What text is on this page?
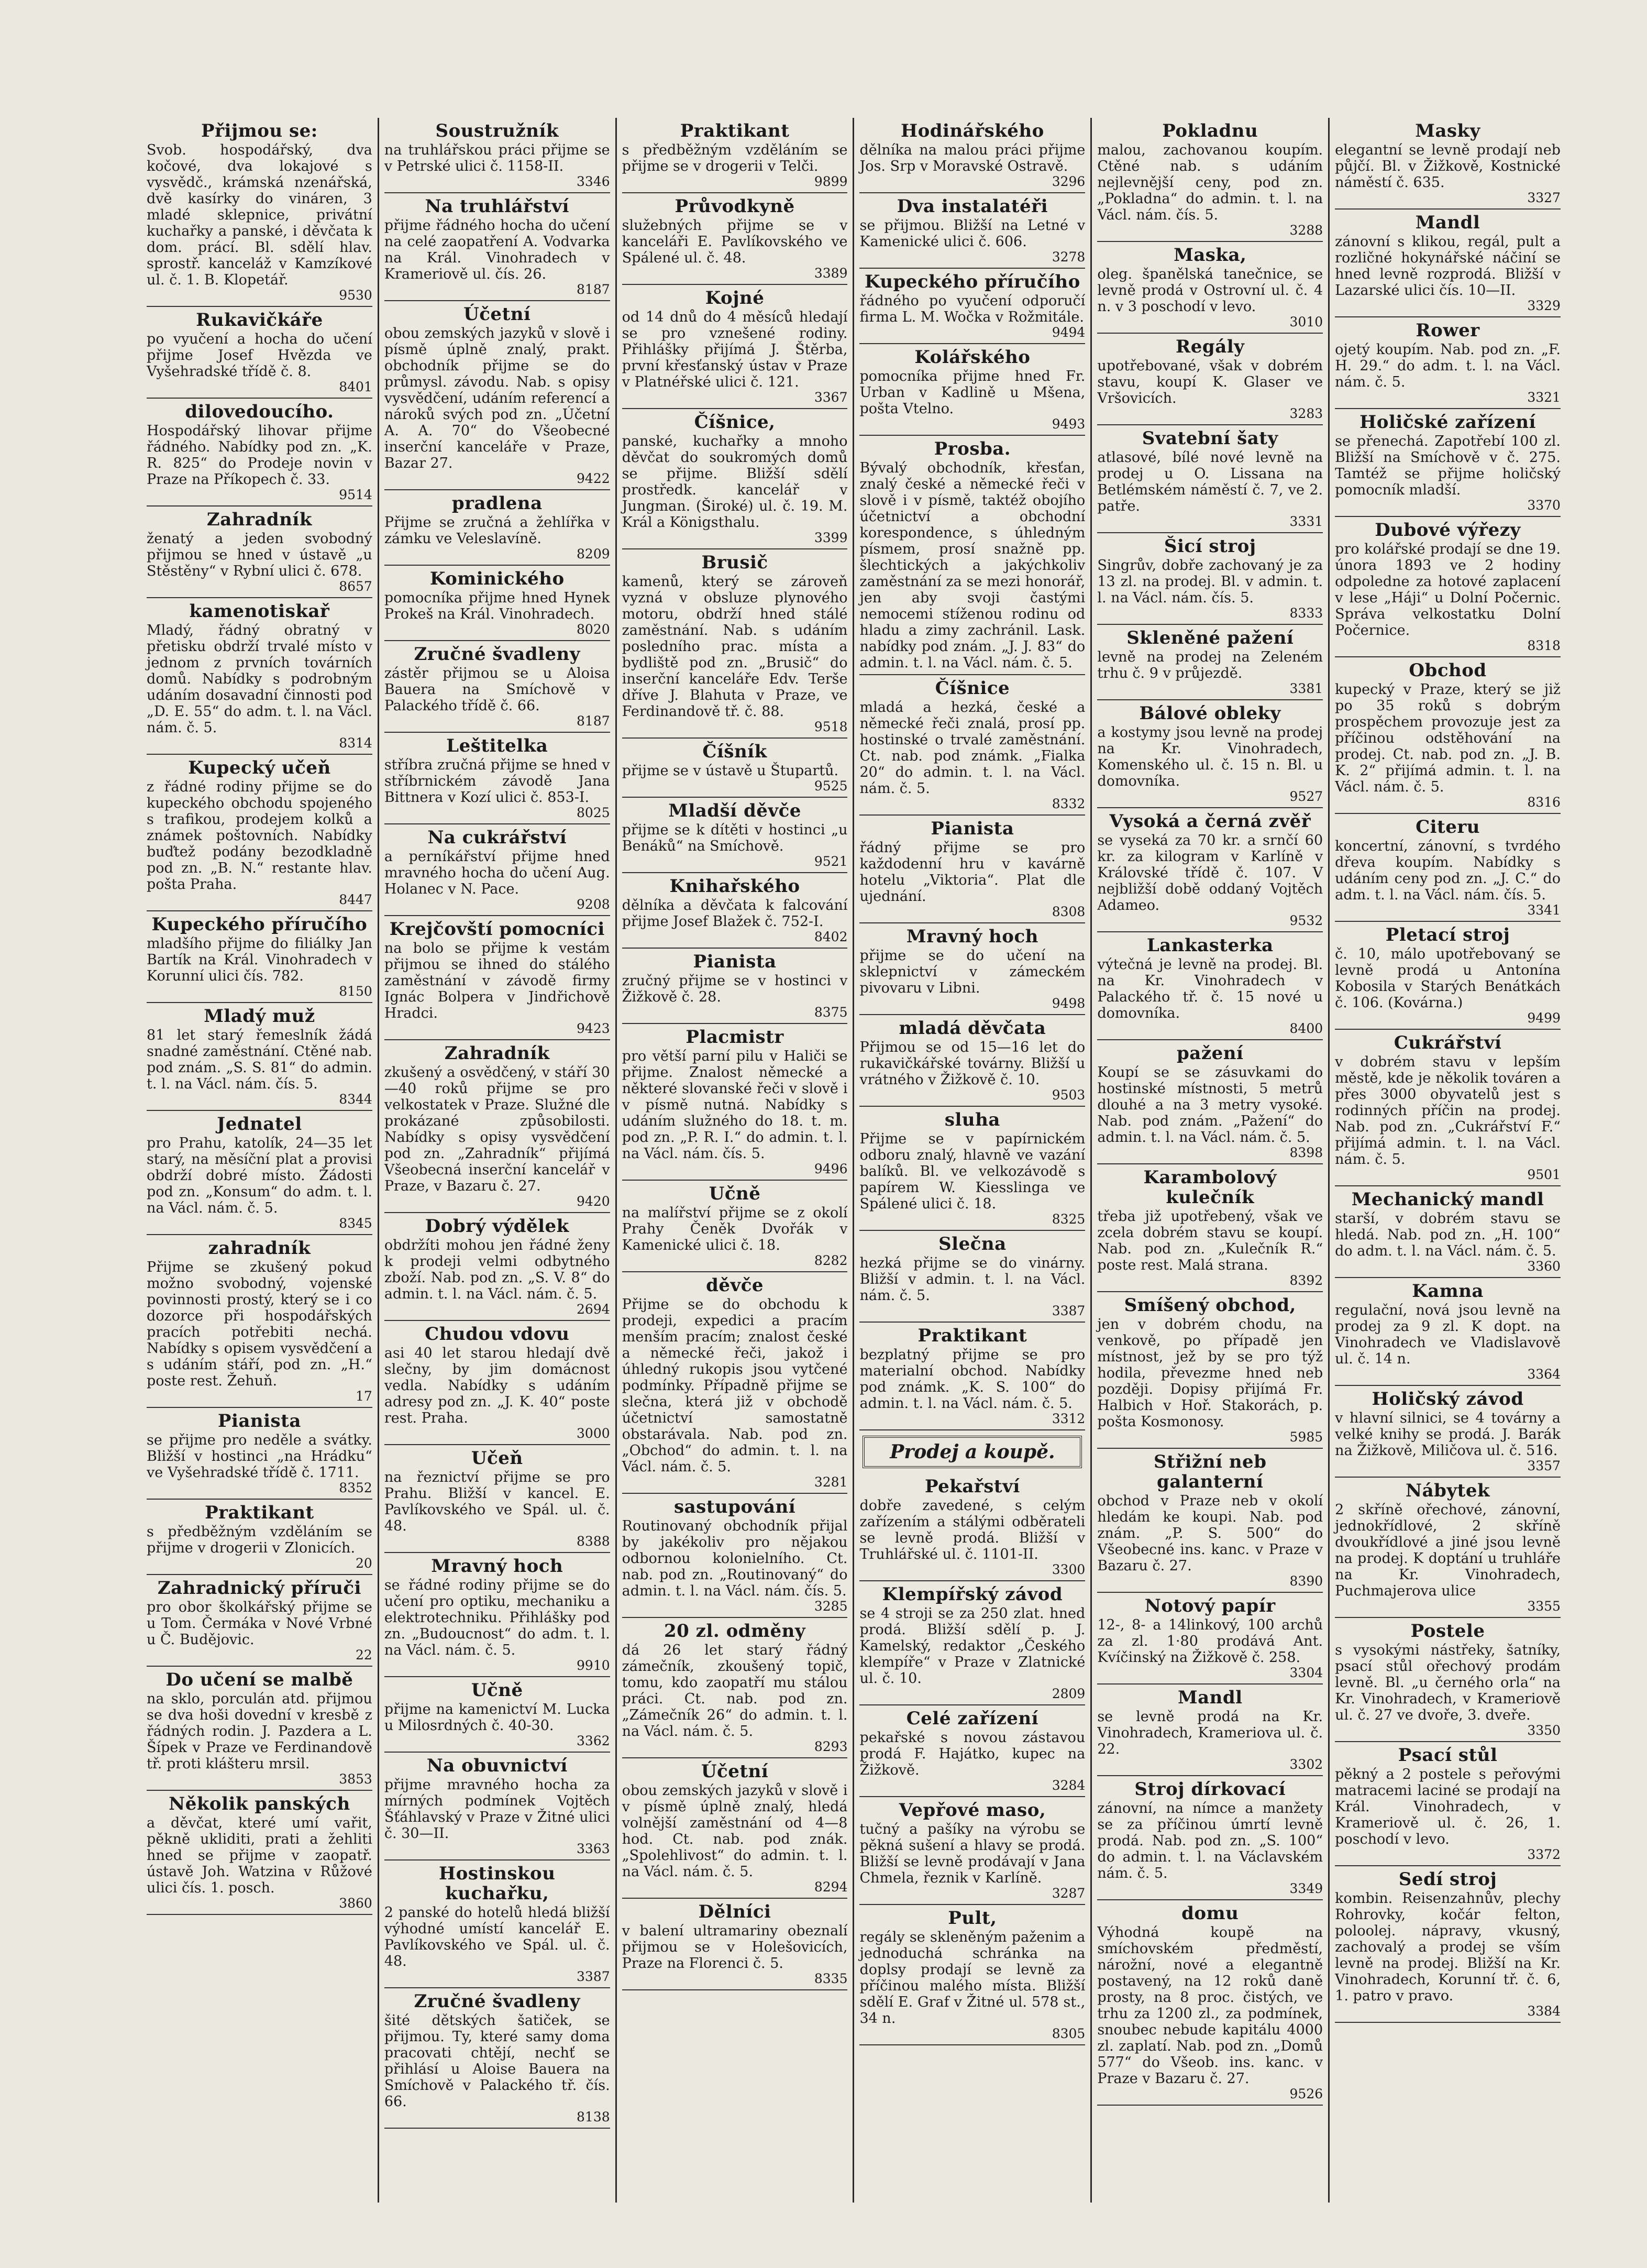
Přijmou se:

Svob. hospodářský, dva kočové, dva lokajové s vysvědč., krámská nzenářská, dvě kasírky do vináren, 3 mladé sklepnice, privátní kuchařky a panské, i děvčata k dom. prácí. Bl. sdělí hlav. sprostř. kanceláž v Kamzíkové ul. č. 1. B. Klopetář.

9530
Rukavičkáře

po vyučení a hocha do učení přijme Josef Hvězda ve Vyšehradské třídě č. 8.

8401
dilovedoucího.

Hospodářský lihovar přijme řádného. Nabídky pod zn. „K. R. 825“ do Prodeje novin v Praze na Příkopech č. 33.

9514
Zahradník

ženatý a jeden svobodný přijmou se hned v ústavě „u Stěstěny“ v Rybní ulici č. 678.

8657
kamenotiskař

Mladý, řádný obratný v přetisku obdrží trvalé místo v jednom z prvních továrních domů. Nabídky s podrobným udáním dosavadní činnosti pod „D. E. 55“ do adm. t. l. na Václ. nám. č. 5.

8314
Kupecký učeň

z řádné rodiny přijme se do kupeckého obchodu spojeného s trafikou, prodejem kolků a známek poštovních. Nabídky buďtež podány bezodkladně pod zn. „B. N.“ restante hlav. pošta Praha.

8447
Kupeckého příručího

mladšího přijme do filiálky Jan Bartík na Král. Vinohradech v Korunní ulici čís. 782.

8150
Mladý muž

81 let starý řemeslník žádá snadné zaměstnání. Ctěné nab. pod znám. „S. S. 81“ do admin. t. l. na Václ. nám. čís. 5.

8344
Jednatel

pro Prahu, katolík, 24—35 let starý, na měsíční plat a provisi obdrží dobré místo. Žádosti pod zn. „Konsum“ do adm. t. l. na Václ. nám. č. 5.

8345
zahradník

Přijme se zkušený pokud možno svobodný, vojenské povinnosti prostý, který se i co dozorce při hospodářských pracích potřebiti nechá. Nabídky s opisem vysvědčení a s udáním stáří, pod zn. „H.“ poste rest. Žehuň.

17
Pianista

se přijme pro neděle a svátky. Bližší v hostinci „na Hrádku“ ve Vyšehradské třídě č. 1711.

8352
Praktikant

s předběžným vzděláním se přijme v drogerii v Zlonicích.

20
Zahradnický příruči

pro obor školkářský přijme se u Tom. Čermáka v Nové Vrbné u Č. Budějovic.

22
Do učení se malbě

na sklo, porculán atd. přijmou se dva hoši dovední v kresbě z řádných rodin. J. Pazdera a L. Šípek v Praze ve Ferdinandově tř. proti klášteru mrsil.

3853
Několik panských

a děvčat, které umí vařit, pěkně ukliditi, prati a žehliti hned se přijme v zaopatř. ústavě Joh. Watzina v Růžové ulici čís. 1. posch.

3860
Soustružník

na truhlářskou práci přijme se v Petrské ulici č. 1158-II.

3346
Na truhlářství

přijme řádného hocha do učení na celé zaopatření A. Vodvarka na Král. Vinohradech v Krameriově ul. čís. 26.

8187
Účetní

obou zemských jazyků v slově i písmě úplně znalý, prakt. obchodník přijme se do průmysl. závodu. Nab. s opisy vysvědčení, udáním referencí a nároků svých pod zn. „Účetní A. A. 70“ do Všeobecné inserční kanceláře v Praze, Bazar 27.

9422
pradlena

Přijme se zručná a žehlířka v zámku ve Veleslavíně.

8209
Kominického

pomocníka přijme hned Hynek Prokeš na Král. Vinohradech.

8020
Zručné švadleny

zástěr přijmou se u Aloisa Bauera na Smíchově v Palackého třídě č. 66.

8187
Leštitelka

stříbra zručná přijme se hned v stříbrnickém závodě Jana Bittnera v Kozí ulici č. 853-I.

8025
Na cukrářství

a perníkářství přijme hned mravného hocha do učení Aug. Holanec v N. Pace.

9208
Krejčovští pomocníci

na bolo se přijme k vestám přijmou se ihned do stálého zaměstnání v závodě firmy Ignác Bolpera v Jindřichově Hradci.

9423
Zahradník

zkušený a osvědčený, v stáří 30—40 roků přijme se pro velkostatek v Praze. Služné dle prokázané způsobilosti. Nabídky s opisy vysvědčení pod zn. „Zahradník“ přijímá Všeobecná inserční kancelář v Praze, v Bazaru č. 27.

9420
Dobrý výdělek

obdržíti mohou jen řádné ženy k prodeji velmi odbytného zboží. Nab. pod zn. „S. V. 8“ do admin. t. l. na Václ. nám. č. 5.

2694
Chudou vdovu

asi 40 let starou hledají dvě slečny, by jim domácnost vedla. Nabídky s udáním adresy pod zn. „J. K. 40“ poste rest. Praha.

3000
Učeň

na řeznictví přijme se pro Prahu. Bližší v kancel. E. Pavlíkovského ve Spál. ul. č. 48.

8388
Mravný hoch

se řádné rodiny přijme se do učení pro optiku, mechaniku a elektrotechniku. Přihlášky pod zn. „Budoucnost“ do adm. t. l. na Václ. nám. č. 5.

9910
Učně

přijme na kamenictví M. Lucka u Milosrdných č. 40-30.

3362
Na obuvnictví

přijme mravného hocha za mírných podmínek Vojtěch Šťáhlavský v Praze v Žitné ulici č. 30—II.

3363
Hostinskou kuchařku,

2 panské do hotelů hledá bližší výhodné umístí kancelář E. Pavlíkovského ve Spál. ul. č. 48.

3387
Zručné švadleny

šité dětských šatiček, se přijmou. Ty, které samy doma pracovati chtějí, nechť se přihlásí u Aloise Bauera na Smíchově v Palackého tř. čís. 66.

8138
Praktikant

s předběžným vzděláním se přijme se v drogerii v Telči.

9899
Průvodkyně

služebných přijme se v kanceláři E. Pavlíkovského ve Spálené ul. č. 48.

3389
Kojné

od 14 dnů do 4 měsíců hledají se pro vznešené rodiny. Přihlášky přijímá J. Štěrba, první křesťanský ústav v Praze v Platnéřské ulici č. 121.

3367
Číšnice,

panské, kuchařky a mnoho děvčat do soukromých domů se přijme. Bližší sdělí prostředk. kancelář v Jungman. (Široké) ul. č. 19. M. Král a Königsthalu.

3399
Brusič

kamenů, který se zároveň vyzná v obsluze plynového motoru, obdrží hned stálé zaměstnání. Nab. s udáním posledního prac. místa a bydliště pod zn. „Brusič“ do inserční kanceláře Edv. Terše dříve J. Blahuta v Praze, ve Ferdinandově tř. č. 88.

9518
Číšník

přijme se v ústavě u Štupartů.

9525
Mladší děvče

přijme se k dítěti v hostinci „u Benáků“ na Smíchově.

9521
Knihařského

dělníka a děvčata k falcování přijme Josef Blažek č. 752-I.

8402
Pianista

zručný přijme se v hostinci v Žižkově č. 28.

8375
Placmistr

pro větší parní pilu v Haliči se přijme. Znalost německé a některé slovanské řeči v slově i v písmě nutná. Nabídky s udáním služného do 18. t. m. pod zn. „P. R. I.“ do admin. t. l. na Václ. nám. čís. 5.

9496
Učně

na malířství přijme se z okolí Prahy Čeněk Dvořák v Kamenické ulici č. 18.

8282
děvče

Přijme se do obchodu k prodeji, expedici a pracím menším pracím; znalost české a německé řeči, jakož i úhledný rukopis jsou vytčené podmínky. Případně přijme se slečna, která již v obchodě účetnictví samostatně obstarávala. Nab. pod zn. „Obchod“ do admin. t. l. na Václ. nám. č. 5.

3281
sastupování

Routinovaný obchodník přijal by jakékoliv pro nějakou odbornou kolonielního. Ct. nab. pod zn. „Routinovaný“ do admin. t. l. na Václ. nám. čís. 5.

3285
20 zl. odměny

dá 26 let starý řádný zámečník, zkoušený topič, tomu, kdo zaopatří mu stálou práci. Ct. nab. pod zn. „Zámečník 26“ do admin. t. l. na Václ. nám. č. 5.

8293
Účetní

obou zemských jazyků v slově i v písmě úplně znalý, hledá volnější zaměstnání od 4—8 hod. Ct. nab. pod znák. „Spolehlivost“ do admin. t. l. na Václ. nám. č. 5.

8294
Dělníci

v balení ultramariny obeznalí přijmou se v Holešovicích, Praze na Florenci č. 5.

8335
Hodinářského

dělníka na malou práci přijme Jos. Srp v Moravské Ostravě.

3296
Dva instalatéři

se přijmou. Bližší na Letné v Kamenické ulici č. 606.

3278
Kupeckého příručího

řádného po vyučení odporučí firma L. M. Wočka v Rožmitále.

9494
Kolářského

pomocníka přijme hned Fr. Urban v Kadlině u Mšena, pošta Vtelno.

9493
Prosba.

Bývalý obchodník, křesťan, znalý české a německé řeči v slově i v písmě, taktéž obojího účetnictví a obchodní korespondence, s úhledným písmem, prosí snažně pp. šlechtických a jakýchkoliv zaměstnání za se mezi honorář, jen aby svoji častými nemocemi stíženou rodinu od hladu a zimy zachránil. Lask. nabídky pod znám. „J. J. 83“ do admin. t. l. na Václ. nám. č. 5.

Číšnice

mladá a hezká, české a německé řeči znalá, prosí pp. hostinské o trvalé zaměstnání. Ct. nab. pod známk. „Fialka 20“ do admin. t. l. na Václ. nám. č. 5.

8332
Pianista

řádný přijme se pro každodenní hru v kavárně hotelu „Viktoria“. Plat dle ujednání.

8308
Mravný hoch

přijme se do učení na sklepnictví v zámeckém pivovaru v Libni.

9498
mladá děvčata

Přijmou se od 15—16 let do rukavičkářské továrny. Bližší u vrátného v Žižkově č. 10.

9503
sluha

Přijme se v papírnickém odboru znalý, hlavně ve vazání balíků. Bl. ve velkozávodě s papírem W. Kiesslinga ve Spálené ulici č. 18.

8325
Slečna

hezká přijme se do vinárny. Bližší v admin. t. l. na Václ. nám. č. 5.

3387
Praktikant

bezplatný přijme se pro materialní obchod. Nabídky pod známk. „K. S. 100“ do admin. t. l. na Václ. nám. č. 5.

3312
Prodej a koupě.
Pekařství

dobře zavedené, s celým zařízením a stálými odběrateli se levně prodá. Bližší v Truhlářské ul. č. 1101-II.

3300
Klempířský závod

se 4 stroji se za 250 zlat. hned prodá. Bližší sdělí p. J. Kamelský, redaktor „Českého klempíře“ v Praze v Zlatnické ul. č. 10.

2809
Celé zařízení

pekařské s novou zástavou prodá F. Hajátko, kupec na Žižkově.

3284
Vepřové maso,

tučný a pašíky na výrobu se pěkná sušení a hlavy se prodá. Bližší se levně prodávají v Jana Chmela, řeznik v Karlíně.

3287
Pult,

regály se skleněným paženim a jednoduchá schránka na doplsy prodají se levně za příčinou malého místa. Bližší sdělí E. Graf v Žitné ul. 578 st., 34 n.

8305
Pokladnu

malou, zachovanou koupím. Ctěné nab. s udáním nejlevnější ceny, pod zn. „Pokladna“ do admin. t. l. na Václ. nám. čís. 5.

3288
Maska,

oleg. španělská tanečnice, se levně prodá v Ostrovní ul. č. 4 n. v 3 poschodí v levo.

3010
Regály

upotřebované, však v dobrém stavu, koupí K. Glaser ve Vršovicích.

3283
Svatební šaty

atlasové, bílé nové levně na prodej u O. Lissana na Betlémském náměstí č. 7, ve 2. patře.

3331
Šicí stroj

Singrův, dobře zachovaný je za 13 zl. na prodej. Bl. v admin. t. l. na Václ. nám. čís. 5.

8333
Skleněné pažení

levně na prodej na Zeleném trhu č. 9 v průjezdě.

3381
Bálové obleky

a kostymy jsou levně na prodej na Kr. Vinohradech, Komenského ul. č. 15 n. Bl. u domovníka.

9527
Vysoká a černá zvěř

se vyseká za 70 kr. a srnčí 60 kr. za kilogram v Karlíně v Královské třídě č. 107. V nejbližší době oddaný Vojtěch Adameo.

9532
Lankasterka

výtečná je levně na prodej. Bl. na Kr. Vinohradech v Palackého tř. č. 15 nové u domovníka.

8400
pažení

Koupí se se zásuvkami do hostinské místnosti, 5 metrů dlouhé a na 3 metry vysoké. Nab. pod znám. „Pažení“ do admin. t. l. na Václ. nám. č. 5.

8398
Karambolový kulečník

třeba již upotřebený, však ve zcela dobrém stavu se koupí. Nab. pod zn. „Kulečník R.“ poste rest. Malá strana.

8392
Smíšený obchod,

jen v dobrém chodu, na venkově, po případě jen místnost, jež by se pro týž hodila, převezme hned neb později. Dopisy přijímá Fr. Halbich v Hoř. Stakorách, p. pošta Kosmonosy.

5985
Střižní neb galanterní

obchod v Praze neb v okolí hledám ke koupi. Nab. pod znám. „P. S. 500“ do Všeobecné ins. kanc. v Praze v Bazaru č. 27.

8390
Notový papír

12-, 8- a 14linkový, 100 archů za zl. 1·80 prodává Ant. Kvíčinský na Žižkově č. 258.

3304
Mandl

se levně prodá na Kr. Vinohradech, Krameriova ul. č. 22.

3302
Stroj dírkovací

zánovní, na nímce a manžety se za příčinou úmrtí levně prodá. Nab. pod zn. „S. 100“ do admin. t. l. na Václavském nám. č. 5.

3349
domu

Výhodná koupě na smíchovském předměstí, nárožní, nové a elegantně postavený, na 12 roků daně prosty, na 8 proc. čistých, ve trhu za 1200 zl., za podmínek, snoubec nebude kapitálu 4000 zl. zaplatí. Nab. pod zn. „Domů 577“ do Všeob. ins. kanc. v Praze v Bazaru č. 27.

9526
Masky

elegantní se levně prodají neb půjčí. Bl. v Žižkově, Kostnické náměstí č. 635.

3327
Mandl

zánovní s klikou, regál, pult a rozličné hokynářské náčiní se hned levně rozprodá. Bližší v Lazarské ulici čís. 10—II.

3329
Rower

ojetý koupím. Nab. pod zn. „F. H. 29.“ do adm. t. l. na Václ. nám. č. 5.

3321
Holičské zařízení

se přenechá. Zapotřebí 100 zl. Bližší na Smíchově v č. 275. Tamtéž se přijme holičský pomocník mladší.

3370
Dubové výřezy

pro kolářské prodají se dne 19. února 1893 ve 2 hodiny odpoledne za hotové zaplacení v lese „Háji“ u Dolní Počernic. Správa velkostatku Dolní Počernice.

8318
Obchod

kupecký v Praze, který se již po 35 roků s dobrým prospěchem provozuje jest za příčinou odstěhování na prodej. Ct. nab. pod zn. „J. B. K. 2“ přijímá admin. t. l. na Václ. nám. č. 5.

8316
Citeru

koncertní, zánovní, s tvrdého dřeva koupím. Nabídky s udáním ceny pod zn. „J. C.“ do adm. t. l. na Václ. nám. čís. 5.

3341
Pletací stroj

č. 10, málo upotřebovaný se levně prodá u Antonína Kobosila v Starých Benátkách č. 106. (Kovárna.)

9499
Cukrářství

v dobrém stavu v lepším městě, kde je několik továren a přes 3000 obyvatelů jest s rodinných příčin na prodej. Nab. pod zn. „Cukrářství F.“ přijímá admin. t. l. na Václ. nám. č. 5.

9501
Mechanický mandl

starší, v dobrém stavu se hledá. Nab. pod zn. „H. 100“ do adm. t. l. na Václ. nám. č. 5.

3360
Kamna

regulační, nová jsou levně na prodej za 9 zl. K dopt. na Vinohradech ve Vladislavově ul. č. 14 n.

3364
Holičský závod

v hlavní silnici, se 4 továrny a velké knihy se prodá. J. Barák na Žižkově, Miličova ul. č. 516.

3357
Nábytek

2 skříně ořechové, zánovní, jednokřídlové, 2 skříně dvoukřídlové a jiné jsou levně na prodej. K doptání u truhláře na Kr. Vinohradech, Puchmajerova ulice

3355
Postele

s vysokými nástřeky, šatníky, psací stůl ořechový prodám levně. Bl. „u černého orla“ na Kr. Vinohradech, v Krameriově ul. č. 27 ve dvoře, 3. dveře.

3350
Psací stůl

pěkný a 2 postele s peřovými matracemi laciné se prodají na Král. Vinohradech, v Krameriově ul. č. 26, 1. poschodí v levo.

3372
Sedí stroj

kombin. Reisenzahnův, plechy Rohrovky, kočár felton, poloolej. nápravy, vkusný, zachovalý a prodej se vším levně na prodej. Bližší na Kr. Vinohradech, Korunní tř. č. 6, 1. patro v pravo.

3384
